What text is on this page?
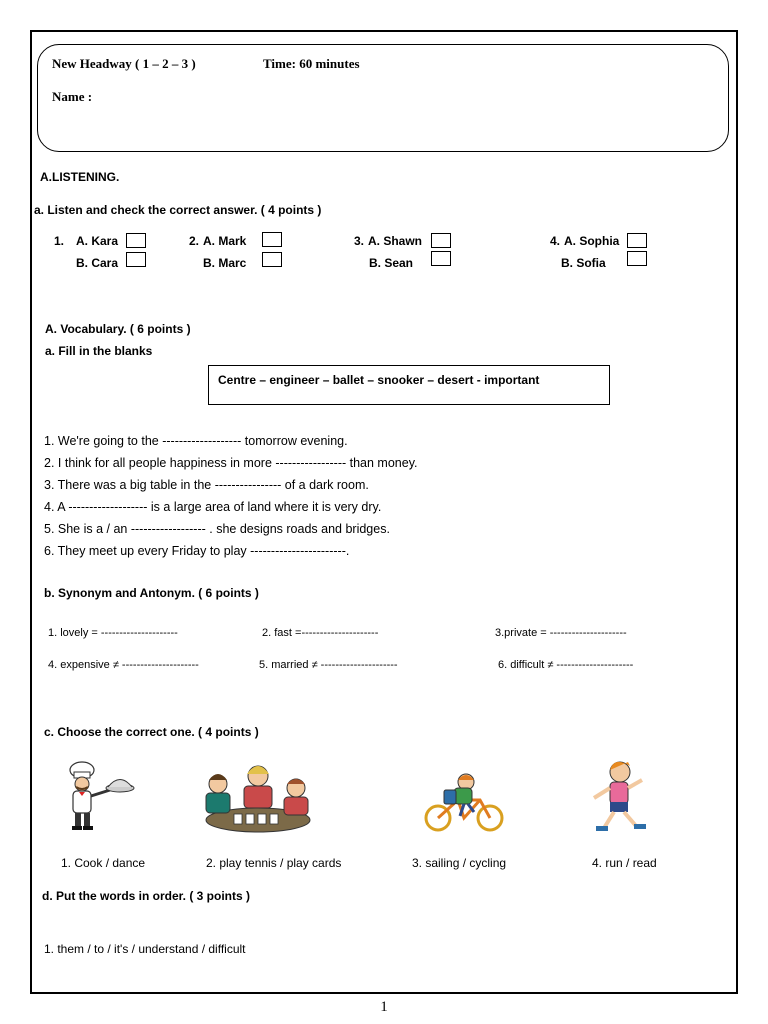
New Headway ( 1 – 2 – 3 )	Time: 60 minutes
Name :
A.LISTENING.
a. Listen and check the correct answer. ( 4 points )
1. A. Kara
B. Cara
2. A. Mark
B. Marc
3. A. Shawn
B. Sean
4. A. Sophia
B. Sofia
A. Vocabulary. ( 6 points )
a. Fill in the blanks
Centre – engineer – ballet – snooker – desert - important
1. We're going to the ------------------- tomorrow evening.
2. I think for all people happiness in more ----------------- than money.
3. There was a big table in the ---------------- of a dark room.
4. A ------------------- is a large area of land where it is very dry.
5. She is a / an ------------------ . she designs roads and bridges.
6. They meet up every Friday to play -----------------------.
b. Synonym and Antonym. ( 6 points )
1. lovely = ---------------------	2. fast =---------------------	3.private = ---------------------
4. expensive ≠ ---------------------	5. married ≠ ---------------------	6. difficult ≠ ---------------------
c. Choose the correct one. ( 4 points )
1. Cook / dance	2. play tennis / play cards	3. sailing / cycling	4. run / read
d. Put the words in order. ( 3 points )
1. them / to / it's / understand / difficult
1
